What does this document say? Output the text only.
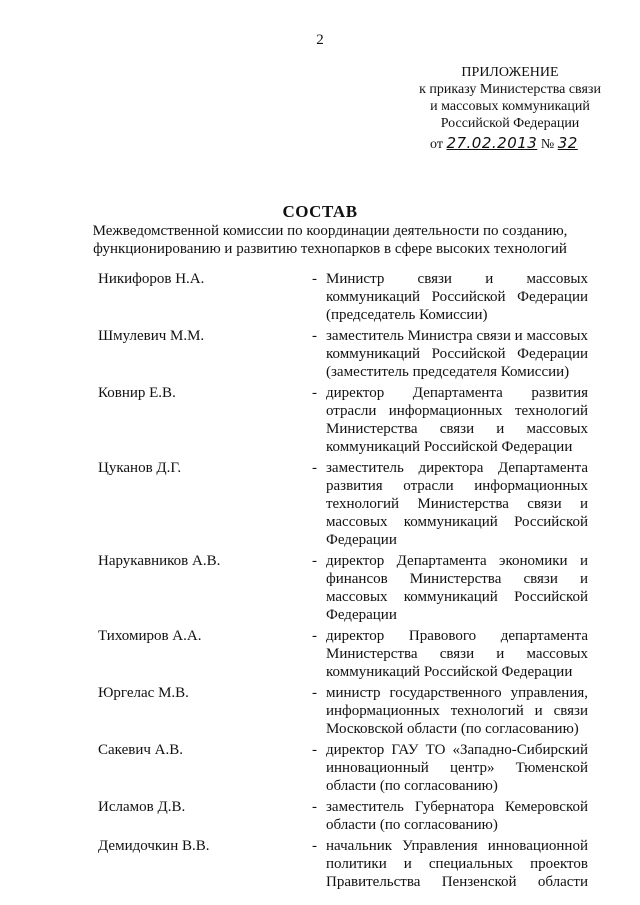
2
ПРИЛОЖЕНИЕ
к приказу Министерства связи
и массовых коммуникаций
Российской Федерации
от 27.02.2013 № 32
СОСТАВ
Межведомственной комиссии по координации деятельности по созданию, функционированию и развитию технопарков в сфере высоких технологий
Никифоров Н.А.	- Министр связи и массовых коммуникаций Российской Федерации (председатель Комиссии)
Шмулевич М.М.	- заместитель Министра связи и массовых коммуникаций Российской Федерации (заместитель председателя Комиссии)
Ковнир Е.В.	- директор Департамента развития отрасли информационных технологий Министерства связи и массовых коммуникаций Российской Федерации
Цуканов Д.Г.	- заместитель директора Департамента развития отрасли информационных технологий Министерства связи и массовых коммуникаций Российской Федерации
Нарукавников А.В.	- директор Департамента экономики и финансов Министерства связи и массовых коммуникаций Российской Федерации
Тихомиров А.А.	- директор Правового департамента Министерства связи и массовых коммуникаций Российской Федерации
Юргелас М.В.	- министр государственного управления, информационных технологий и связи Московской области (по согласованию)
Сакевич А.В.	- директор ГАУ ТО «Западно-Сибирский инновационный центр» Тюменской области (по согласованию)
Исламов Д.В.	- заместитель Губернатора Кемеровской области (по согласованию)
Демидочкин В.В.	- начальник Управления инновационной политики и специальных проектов Правительства Пензенской области
